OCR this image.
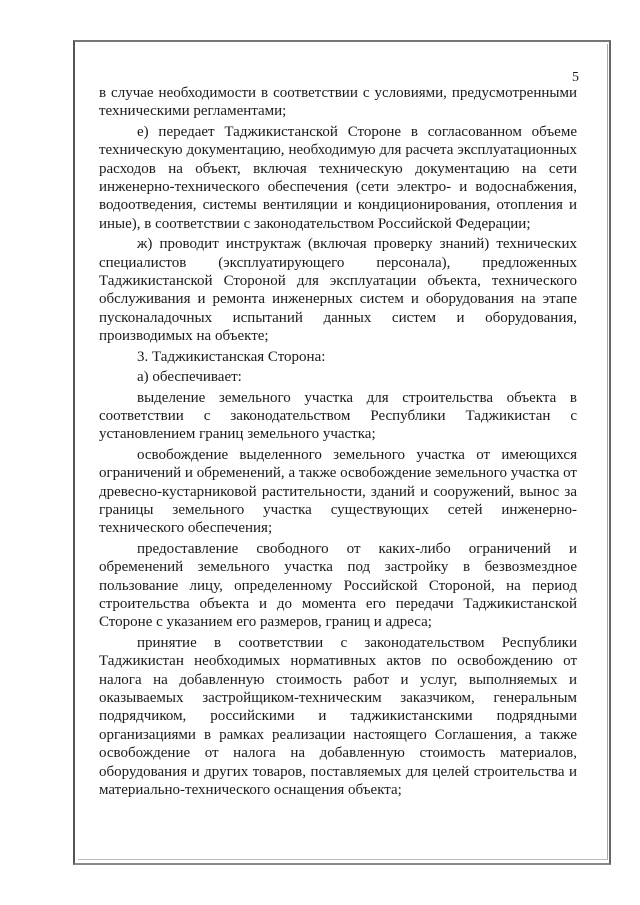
5

в случае необходимости в соответствии с условиями, предусмотренными техническими регламентами;

е) передает Таджикистанской Стороне в согласованном объеме техническую документацию, необходимую для расчета эксплуатационных расходов на объект, включая техническую документацию на сети инженерно-технического обеспечения (сети электро- и водоснабжения, водоотведения, системы вентиляции и кондиционирования, отопления и иные), в соответствии с законодательством Российской Федерации;

ж) проводит инструктаж (включая проверку знаний) технических специалистов (эксплуатирующего персонала), предложенных Таджикистанской Стороной для эксплуатации объекта, технического обслуживания и ремонта инженерных систем и оборудования на этапе пусконаладочных испытаний данных систем и оборудования, производимых на объекте;

3. Таджикистанская Сторона:

а) обеспечивает:

выделение земельного участка для строительства объекта в соответствии с законодательством Республики Таджикистан с установлением границ земельного участка;

освобождение выделенного земельного участка от имеющихся ограничений и обременений, а также освобождение земельного участка от древесно-кустарниковой растительности, зданий и сооружений, вынос за границы земельного участка существующих сетей инженерно-технического обеспечения;

предоставление свободного от каких-либо ограничений и обременений земельного участка под застройку в безвозмездное пользование лицу, определенному Российской Стороной, на период строительства объекта и до момента его передачи Таджикистанской Стороне с указанием его размеров, границ и адреса;

принятие в соответствии с законодательством Республики Таджикистан необходимых нормативных актов по освобождению от налога на добавленную стоимость работ и услуг, выполняемых и оказываемых застройщиком-техническим заказчиком, генеральным подрядчиком, российскими и таджикистанскими подрядными организациями в рамках реализации настоящего Соглашения, а также освобождение от налога на добавленную стоимость материалов, оборудования и других товаров, поставляемых для целей строительства и материально-технического оснащения объекта;
